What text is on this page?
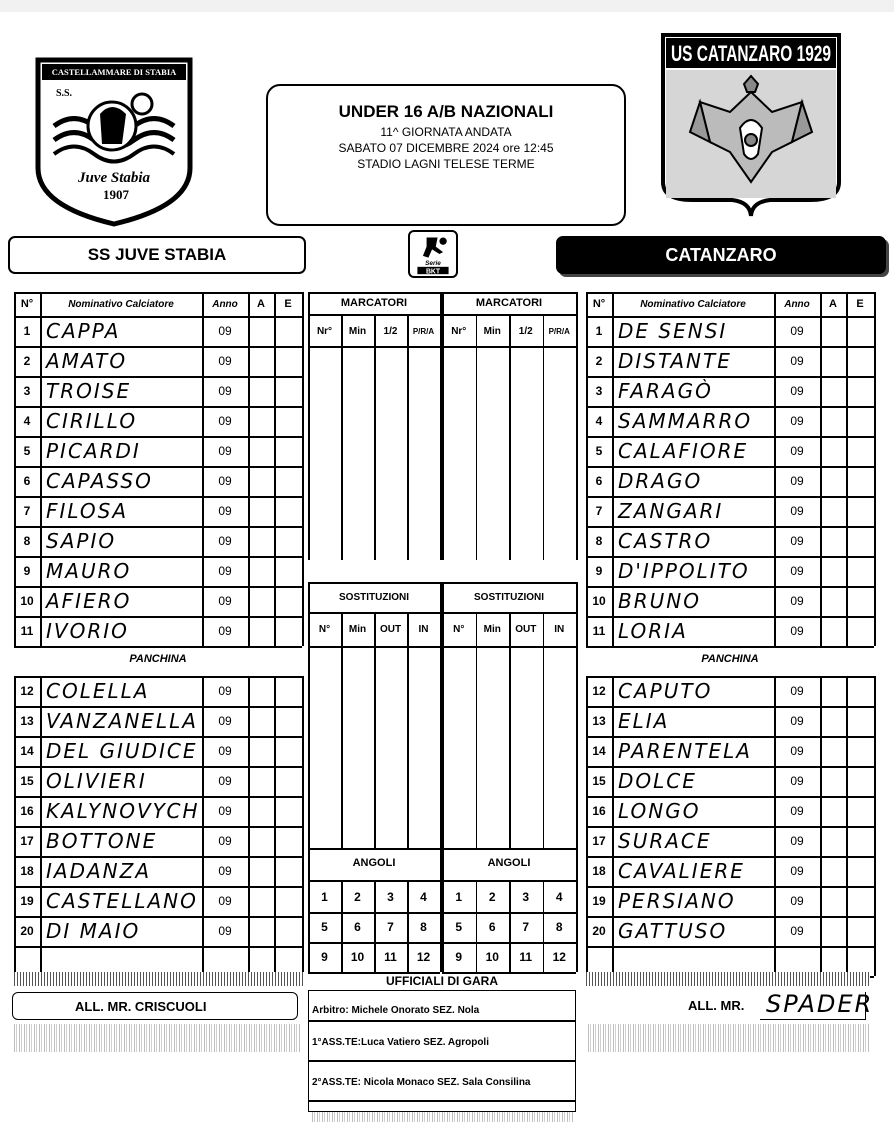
CASTELLAMMARE DI STABIA
S.S.
Juve Stabia
1907
US CATANZARO 1929
UNDER 16 A/B NAZIONALI
11^ GIORNATA ANDATA
SABATO 07 DICEMBRE 2024 ore 12:45
STADIO LAGNI TELESE TERME
SS JUVE STABIA	Serie
BKT
CATANZARO
N°	Nominativo Calciatore	Anno	A	E
1 CAPPA	09
2 AMATO	09
3 TROISE	09
4 CIRILLO	09
5 PICARDI	09
6 CAPASSO	09
7 FILOSA	09
8 SAPIO	09
9 MAURO	09
10 AFIERO	09
11 IVORIO	09
PANCHINA
12 COLELLA	09
13 VANZANELLA	09
14 DEL GIUDICE	09
15 OLIVIERI	09
16 KALYNOVYCH	09
17 BOTTONE	09
18 IADANZA	09
19 CASTELLANO	09
20 DI MAIO	09
N°	Nominativo Calciatore	Anno	A	E
1 DE SENSI	09
2 DISTANTE	09
3 FARAGÒ	09
4 SAMMARRO	09
5 CALAFIORE	09
6 DRAGO	09
7 ZANGARI	09
8 CASTRO	09
9 D'IPPOLITO	09
10 BRUNO	09
11 LORIA	09
PANCHINA
12 CAPUTO	09
13 ELIA	09
14 PARENTELA	09
15 DOLCE	09
16 LONGO	09
17 SURACE	09
18 CAVALIERE	09
19 PERSIANO	09
20 GATTUSO	09
MARCATORI
Nr°	Min	1/2	P/R/A
SOSTITUZIONI
N°	Min	OUT	IN
ANGOLI
1	2	3	4
5	6	7	8
9	10	11	12
MARCATORI
Nr°	Min	1/2	P/R/A
SOSTITUZIONI
N°	Min	OUT	IN
ANGOLI
1	2	3	4
5	6	7	8
9	10	11	12
ALL. MR. CRISCUOLI	ALL. MR. SPADER
UFFICIALI DI GARA
Arbitro: Michele Onorato SEZ. Nola
1°ASS.TE:Luca Vatiero SEZ. Agropoli
2°ASS.TE: Nicola Monaco SEZ. Sala Consilina
